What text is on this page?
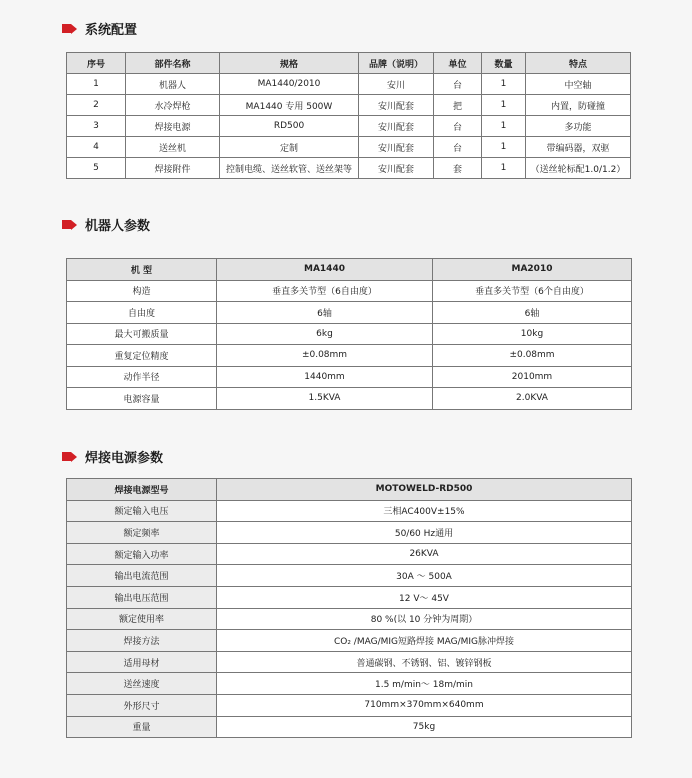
系统配置
序号	部件名称	规格	品牌（说明）	单位	数量	特点
1	机器人	MA1440/2010	安川	台	1	中空轴
2	水冷焊枪	MA1440 专用 500W	安川配套	把	1	内置，防碰撞
3	焊接电源	RD500	安川配套	台	1	多功能
4	送丝机	定制	安川配套	台	1	带编码器，双驱
5	焊接附件	控制电缆、送丝软管、送丝架等	安川配套	套	1	（送丝轮标配1.0/1.2）
机器人参数
机 型	MA1440	MA2010
构造	垂直多关节型（6自由度）	垂直多关节型（6个自由度）
自由度	6轴	6轴
最大可搬质量	6kg	10kg
重复定位精度	±0.08mm	±0.08mm
动作半径	1440mm	2010mm
电源容量	1.5KVA	2.0KVA
焊接电源参数
焊接电源型号	MOTOWELD-RD500
额定输入电压	三相AC400V±15%
额定频率	50/60 Hz通用
额定输入功率	26KVA
输出电流范围	30A ～ 500A
输出电压范围	12 V～ 45V
额定使用率	80 %(以 10 分钟为周期）
焊接方法	CO₂ /MAG/MIG短路焊接 MAG/MIG脉冲焊接
适用母材	普通碳钢、不锈钢、铝、镀锌钢板
送丝速度	1.5 m/min～ 18m/min
外形尺寸	710mm×370mm×640mm
重量	75kg
